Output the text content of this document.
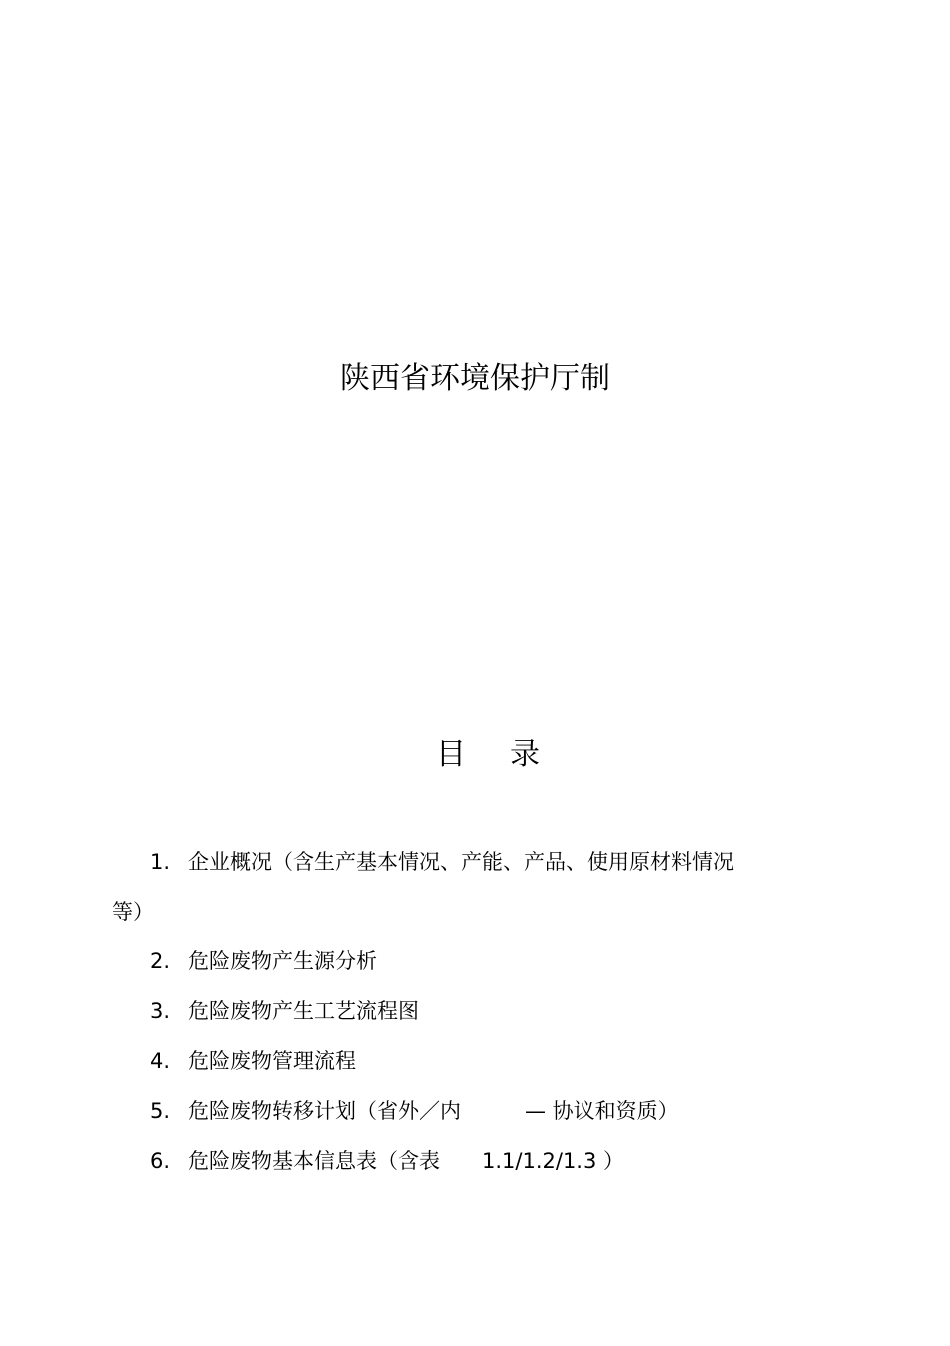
陕西省环境保护厅制
目 录
1. 企业概况（含生产基本情况、产能、产品、使用原材料情况
等）
2. 危险废物产生源分析
3. 危险废物产生工艺流程图
4. 危险废物管理流程
5. 危险废物转移计划（省外／内	— 协议和资质）
6. 危险废物基本信息表（含表 1.1/1.2/1.3 ）
